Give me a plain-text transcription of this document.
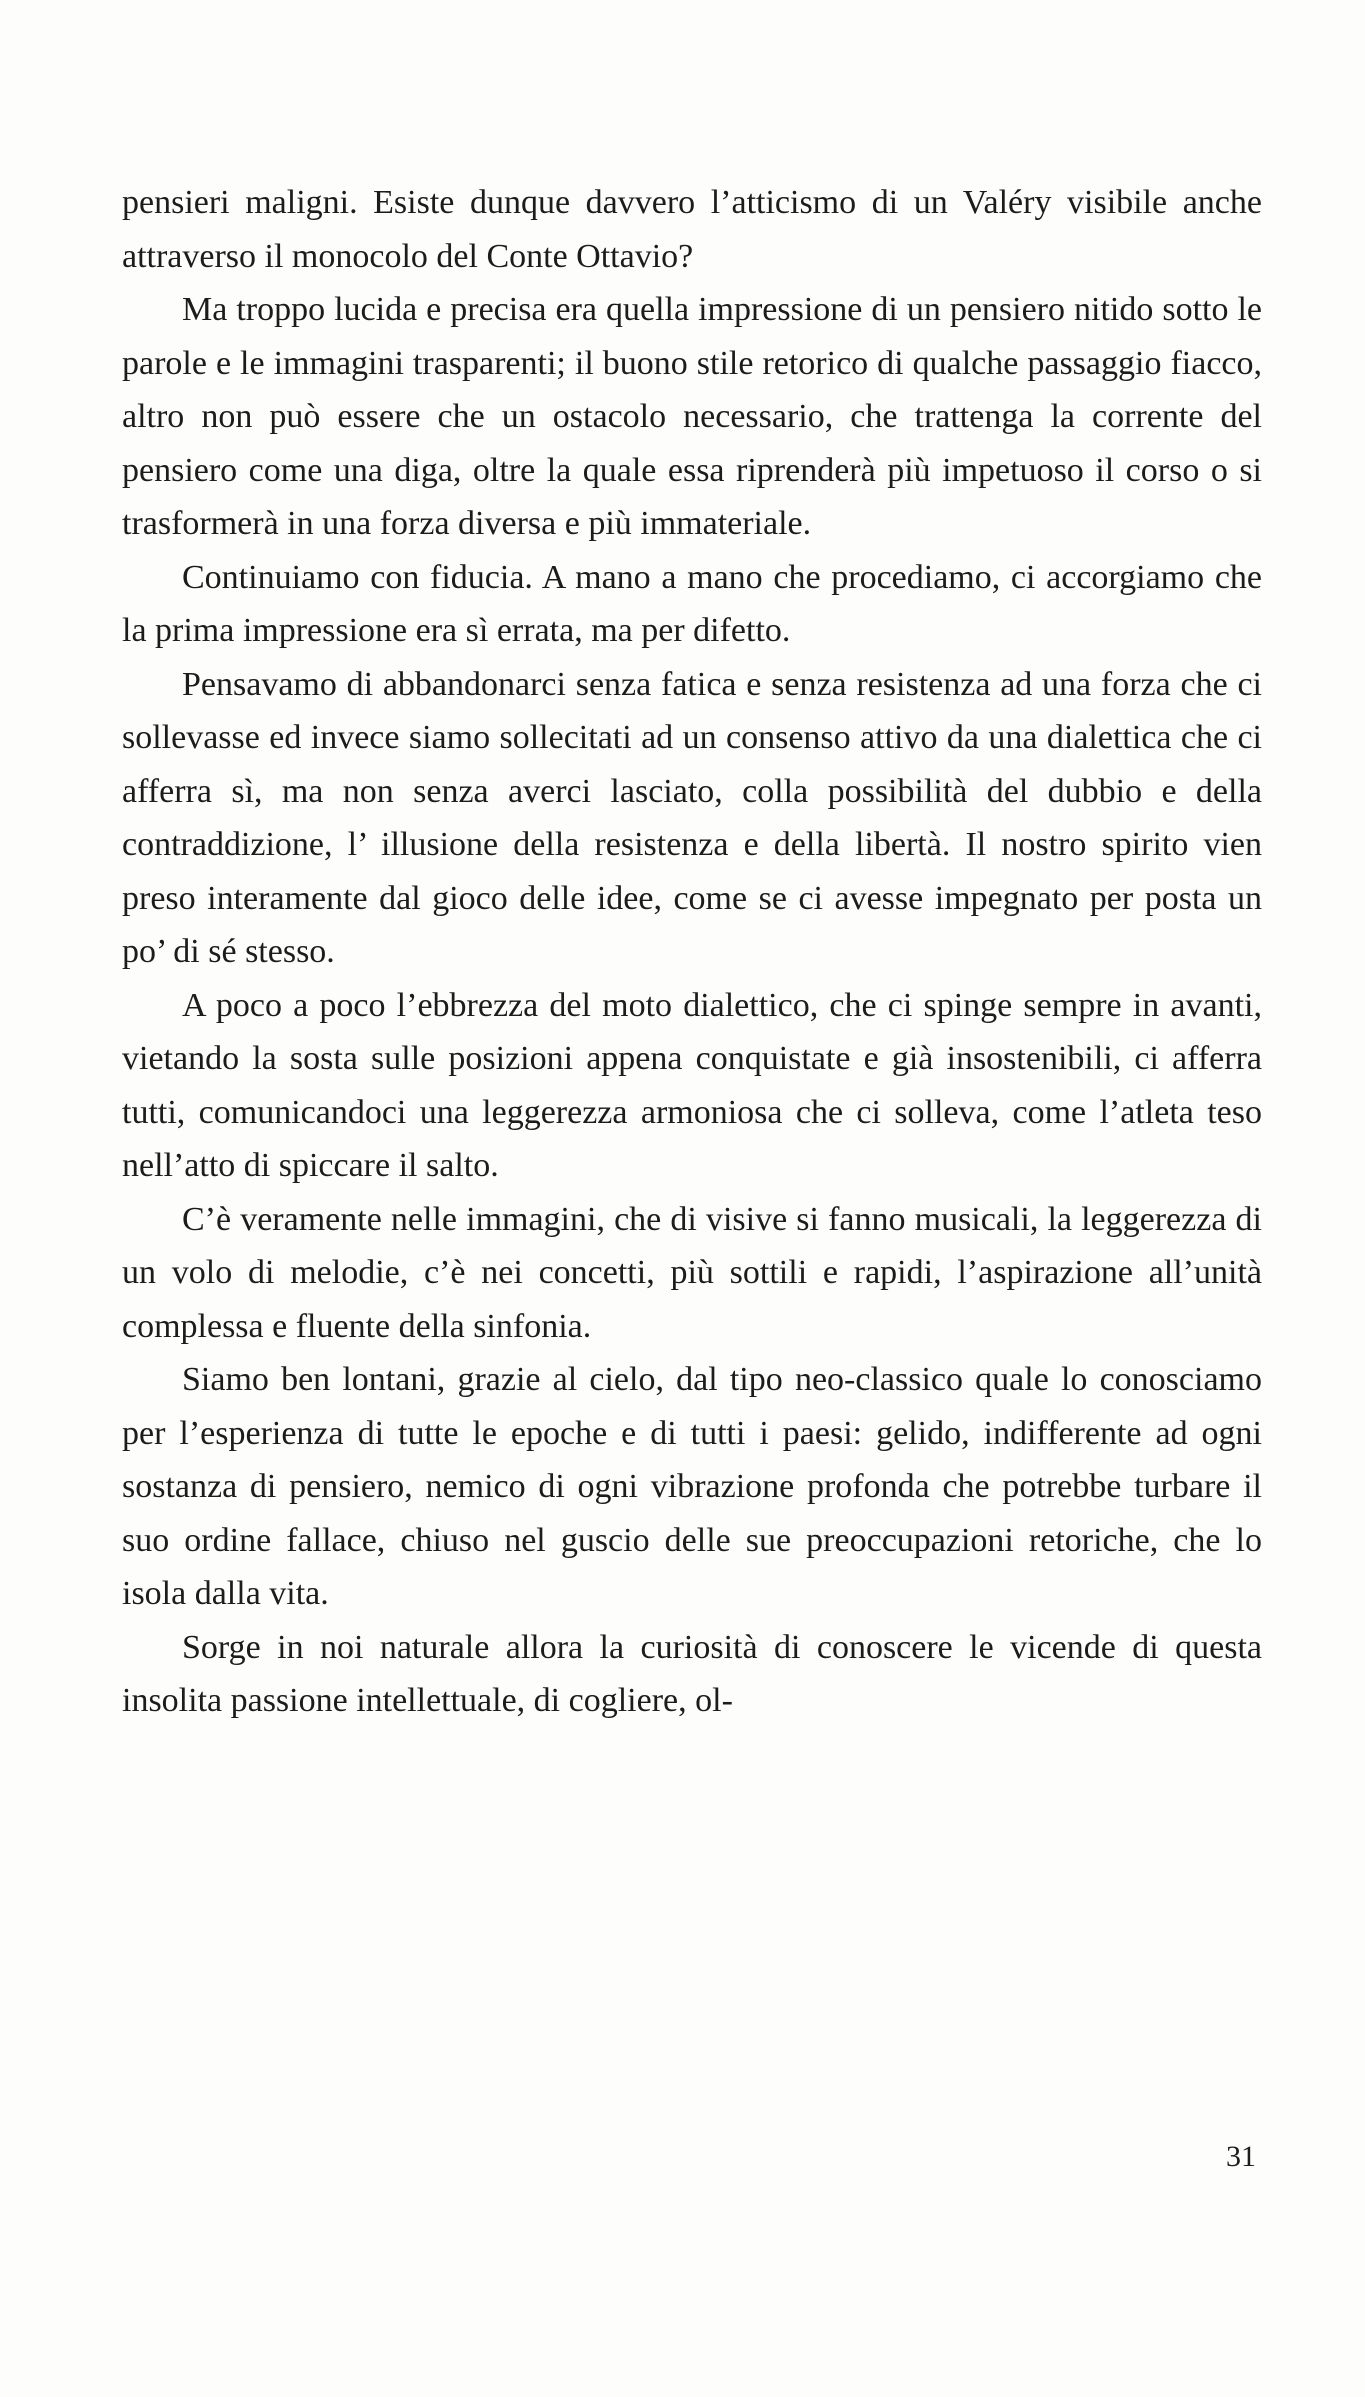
pensieri maligni. Esiste dunque davvero l’atticismo di un Valéry visibile anche attraverso il monocolo del Conte Ottavio?

Ma troppo lucida e precisa era quella impressione di un pensiero nitido sotto le parole e le immagini trasparenti; il buono stile retorico di qualche passaggio fiacco, altro non può essere che un ostacolo necessario, che trattenga la corrente del pensiero come una diga, oltre la quale essa riprenderà più impetuoso il corso o si trasformerà in una forza diversa e più immateriale.

Continuiamo con fiducia. A mano a mano che procediamo, ci accorgiamo che la prima impressione era sì errata, ma per difetto.

Pensavamo di abbandonarci senza fatica e senza resistenza ad una forza che ci sollevasse ed invece siamo sollecitati ad un consenso attivo da una dialettica che ci afferra sì, ma non senza averci lasciato, colla possibilità del dubbio e della contraddizione, l’ illusione della resistenza e della libertà. Il nostro spirito vien preso interamente dal gioco delle idee, come se ci avesse impegnato per posta un po’ di sé stesso.

A poco a poco l’ebbrezza del moto dialettico, che ci spinge sempre in avanti, vietando la sosta sulle posizioni appena conquistate e già insostenibili, ci afferra tutti, comunicandoci una leggerezza armoniosa che ci solleva, come l’atleta teso nell’atto di spiccare il salto.

C’è veramente nelle immagini, che di visive si fanno musicali, la leggerezza di un volo di melodie, c’è nei concetti, più sottili e rapidi, l’aspirazione all’unità complessa e fluente della sinfonia.

Siamo ben lontani, grazie al cielo, dal tipo neo-classico quale lo conosciamo per l’esperienza di tutte le epoche e di tutti i paesi: gelido, indifferente ad ogni sostanza di pensiero, nemico di ogni vibrazione profonda che potrebbe turbare il suo ordine fallace, chiuso nel guscio delle sue preoccupazioni retoriche, che lo isola dalla vita.

Sorge in noi naturale allora la curiosità di conoscere le vicende di questa insolita passione intellettuale, di cogliere, ol-

31
